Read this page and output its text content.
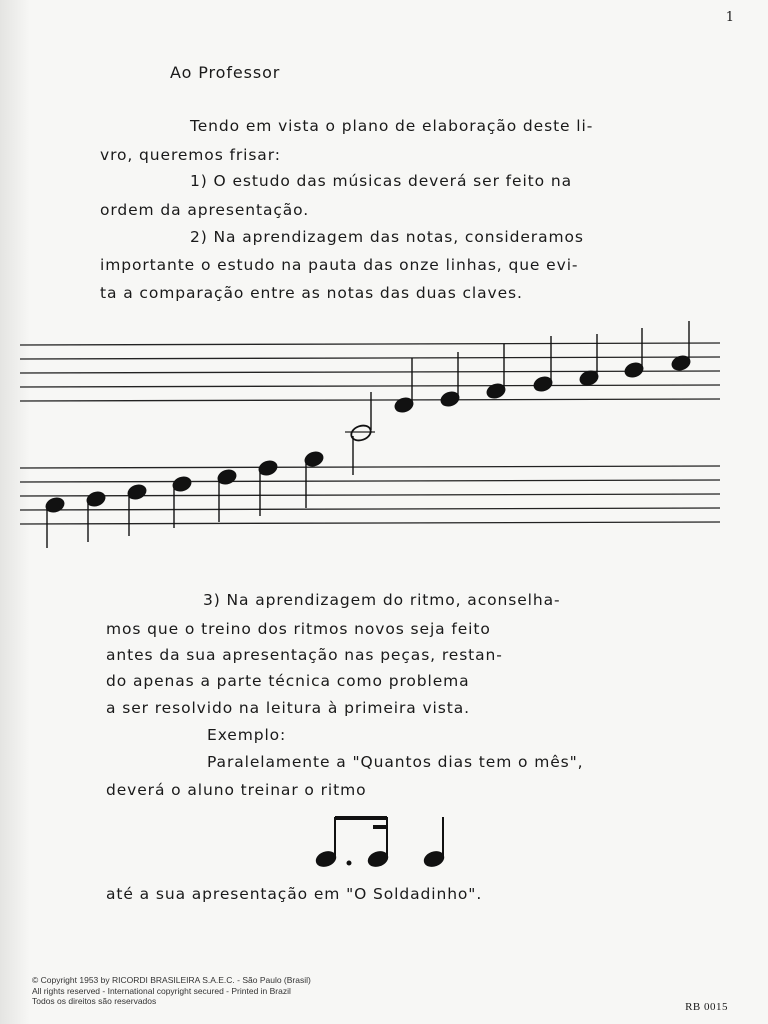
1
Ao Professor
Tendo em vista o plano de elaboração deste li-
vro, queremos frisar:
1) O estudo das músicas deverá ser feito na
ordem da apresentação.
2) Na aprendizagem das notas, consideramos
importante o estudo na pauta das onze linhas, que evi-
ta a comparação entre as notas das duas claves.
3) Na aprendizagem do ritmo, aconselha-
mos que o treino dos ritmos novos seja feito
antes da sua apresentação nas peças, restan-
do apenas a parte técnica como problema
a ser resolvido na leitura à primeira vista.
Exemplo:
Paralelamente a "Quantos dias tem o mês",
deverá o aluno treinar o ritmo
até a sua apresentação em "O Soldadinho".
© Copyright 1953 by RICORDI BRASILEIRA S.A.E.C. - São Paulo (Brasil)
All rights reserved - International copyright secured - Printed in Brazil
Todos os direitos são reservados	RB 0015
